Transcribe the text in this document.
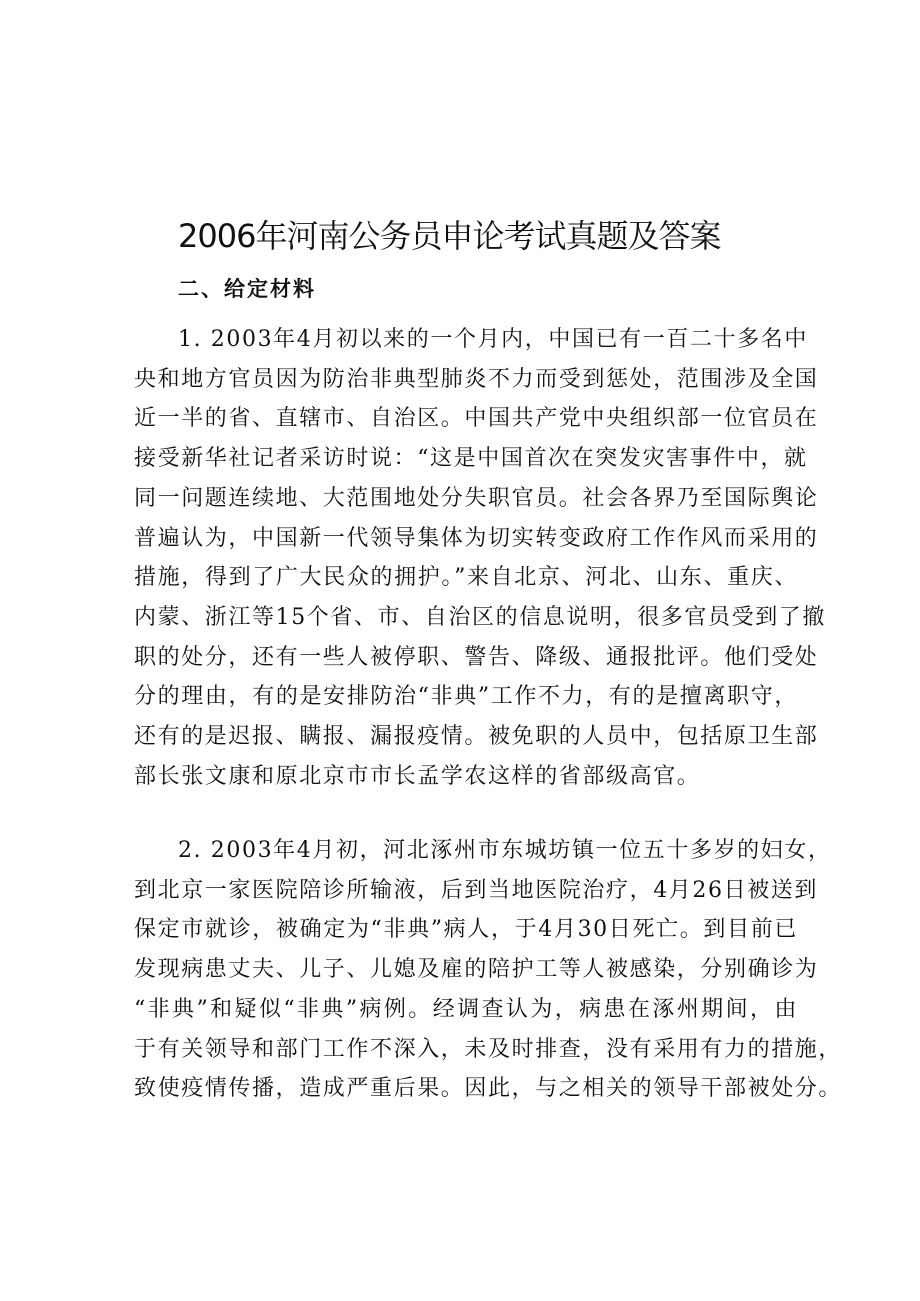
2006年河南公务员申论考试真题及答案
二、给定材料

1. 2003年4月初以来的一个月内，中国已有一百二十多名中
央和地方官员因为防治非典型肺炎不力而受到惩处，范围涉及全国
近一半的省、直辖市、自治区。中国共产党中央组织部一位官员在
接受新华社记者采访时说：“这是中国首次在突发灾害事件中，就
同一问题连续地、大范围地处分失职官员。社会各界乃至国际舆论
普遍认为，中国新一代领导集体为切实转变政府工作作风而采用的
措施，得到了广大民众的拥护。”来自北京、河北、山东、重庆、
内蒙、浙江等15个省、市、自治区的信息说明，很多官员受到了撤
职的处分，还有一些人被停职、警告、降级、通报批评。他们受处
分的理由，有的是安排防治“非典”工作不力，有的是擅离职守，
还有的是迟报、瞒报、漏报疫情。被免职的人员中，包括原卫生部
部长张文康和原北京市市长孟学农这样的省部级高官。

2. 2003年4月初，河北涿州市东城坊镇一位五十多岁的妇女，
到北京一家医院陪诊所输液，后到当地医院治疗，4月26日被送到
保定市就诊，被确定为“非典”病人，于4月30日死亡。到目前已
发现病患丈夫、儿子、儿媳及雇的陪护工等人被感染，分别确诊为
“非典”和疑似“非典”病例。经调查认为，病患在涿州期间，由
于有关领导和部门工作不深入，未及时排查，没有采用有力的措施，
致使疫情传播，造成严重后果。因此，与之相关的领导干部被处分。
